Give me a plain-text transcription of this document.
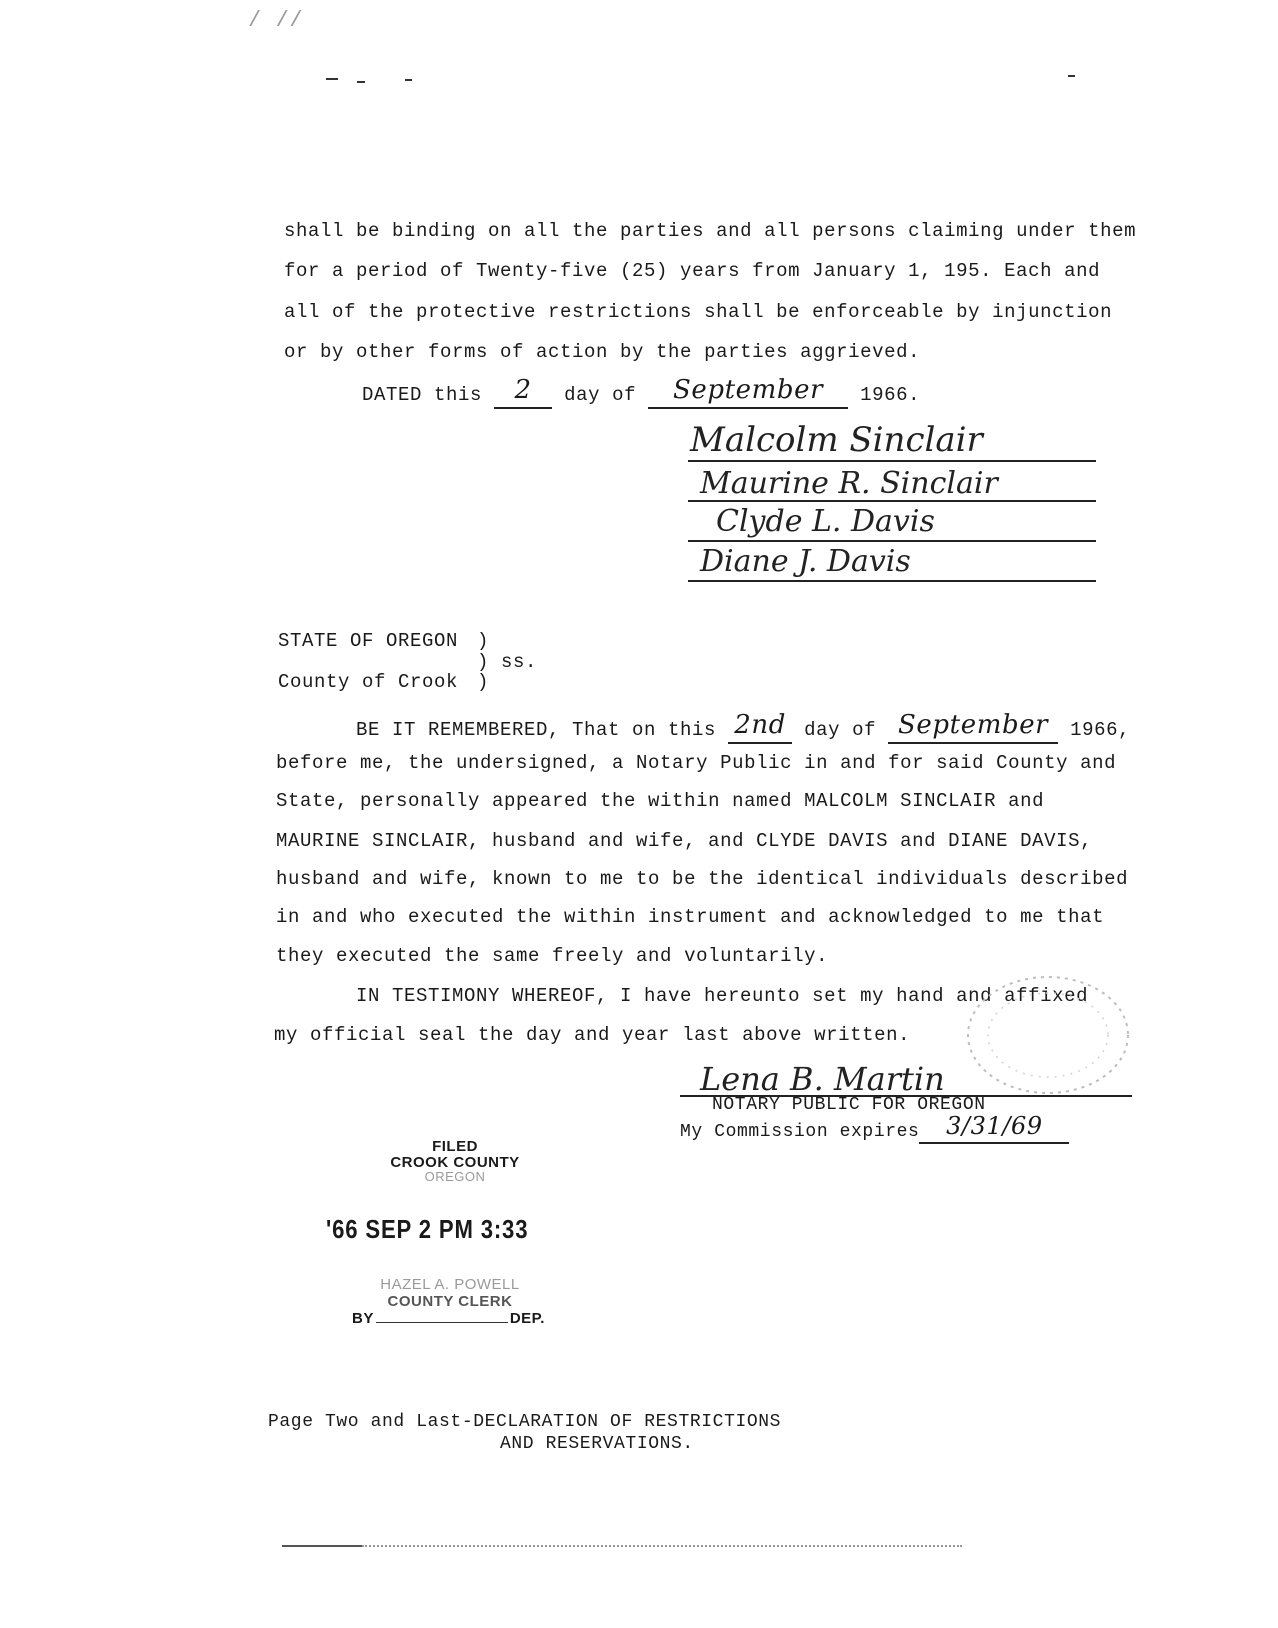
/ //
shall be binding on all the parties and all persons claiming under them
for a period of Twenty-five (25) years from January 1, 195. Each and
all of the protective restrictions shall be enforceable by injunction
or by other forms of action by the parties aggrieved.
DATED this 2 day of September 1966.
Malcolm Sinclair
Maurine R. Sinclair
Clyde L. Davis
Diane J. Davis
STATE OF OREGON )
) ss.
County of Crook )
BE IT REMEMBERED, That on this 2nd day of September 1966,
before me, the undersigned, a Notary Public in and for said County and
State, personally appeared the within named MALCOLM SINCLAIR and
MAURINE SINCLAIR, husband and wife, and CLYDE DAVIS and DIANE DAVIS,
husband and wife, known to me to be the identical individuals described
in and who executed the within instrument and acknowledged to me that
they executed the same freely and voluntarily.
IN TESTIMONY WHEREOF, I have hereunto set my hand and affixed
my official seal the day and year last above written.
Lena B. Martin
NOTARY PUBLIC FOR OREGON
My Commission expires 3/31/69
FILED
CROOK COUNTY
OREGON
'66 SEP 2 PM 3:33
HAZEL A. POWELL
COUNTY CLERK
BY	DEP.
Page Two and Last-DECLARATION OF RESTRICTIONS
AND RESERVATIONS.
